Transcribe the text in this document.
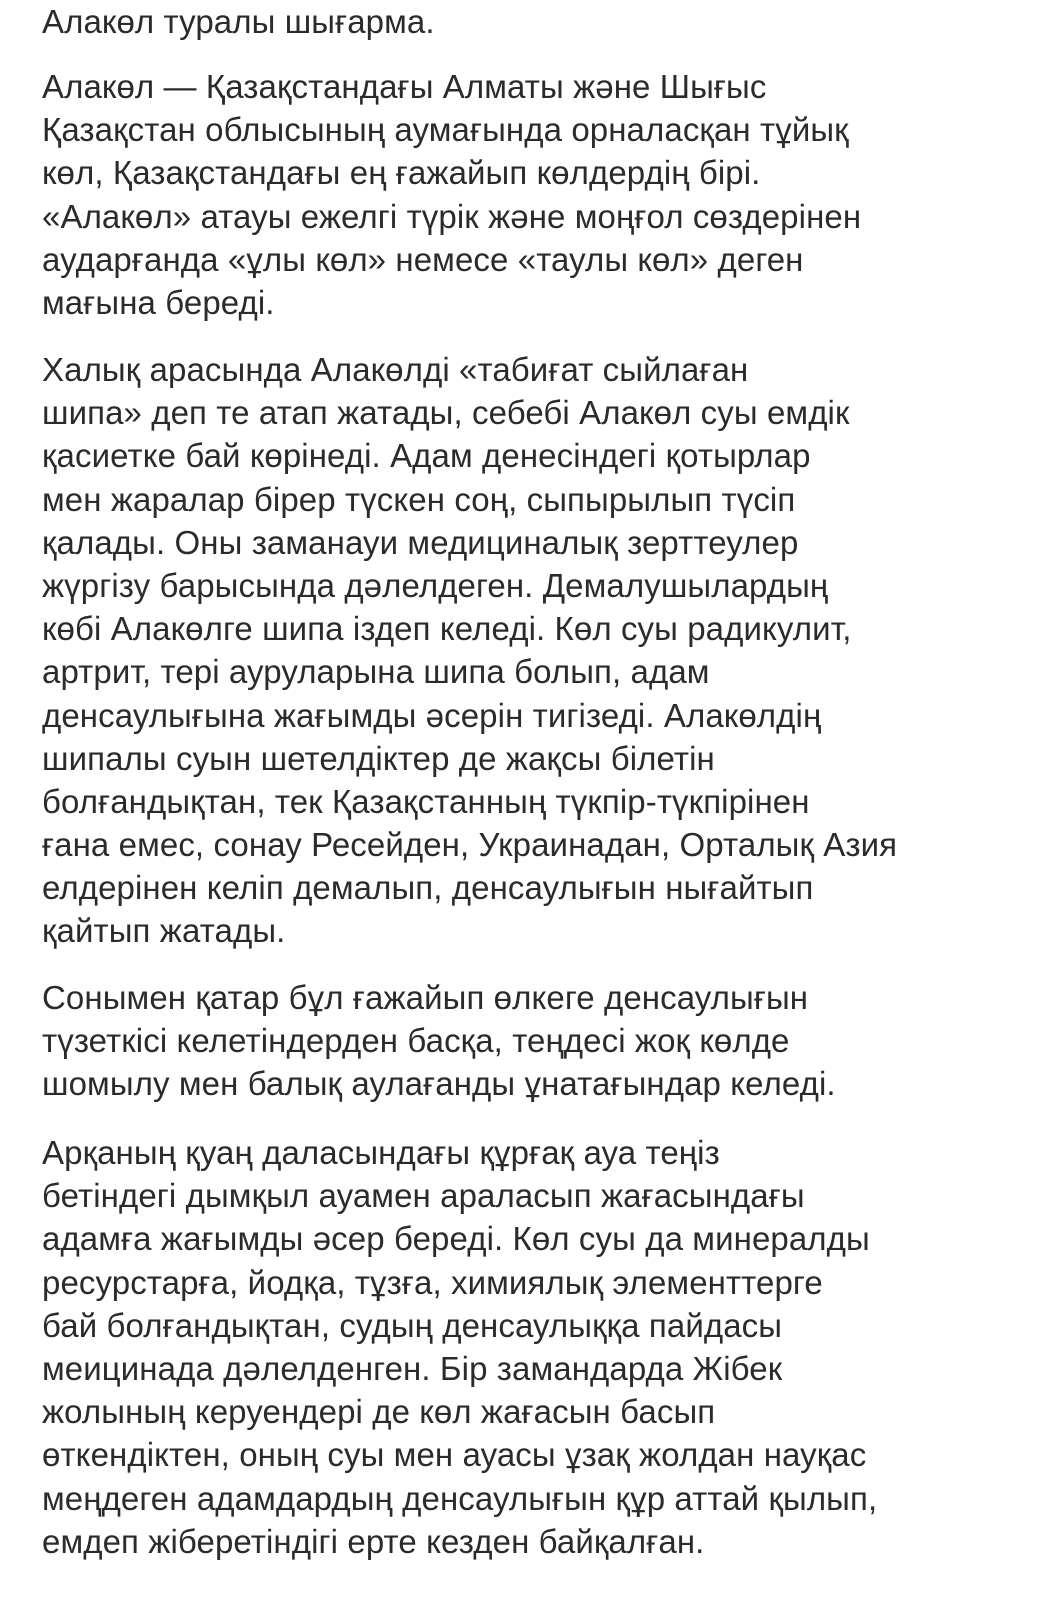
Алакөл туралы шығарма.
Алакөл — Қазақстандағы Алматы және Шығыс
Қазақстан облысының аумағында орналасқан тұйық
көл, Қазақстандағы ең ғажайып көлдердің бірі.
«Алакөл» атауы ежелгі түрік және моңғол сөздерінен
аударғанда «ұлы көл» немесе «таулы көл» деген
мағына береді.
Халық арасында Алакөлді «табиғат сыйлаған
шипа» деп те атап жатады, себебі Алакөл суы емдік
қасиетке бай көрінеді. Адам денесіндегі қотырлар
мен жаралар бірер түскен соң, сыпырылып түсіп
қалады. Оны заманауи медициналық зерттеулер
жүргізу барысында дәлелдеген. Демалушылардың
көбі Алакөлге шипа іздеп келеді. Көл суы радикулит,
артрит, тері ауруларына шипа болып, адам
денсаулығына жағымды әсерін тигізеді. Алакөлдің
шипалы суын шетелдіктер де жақсы білетін
болғандықтан, тек Қазақстанның түкпір-түкпірінен
ғана емес, сонау Ресейден, Украинадан, Орталық Азия
елдерінен келіп демалып, денсаулығын нығайтып
қайтып жатады.
Сонымен қатар бұл ғажайып өлкеге денсаулығын
түзеткісі келетіндерден басқа, теңдесі жоқ көлде
шомылу мен балық аулағанды ұнатағындар келеді.
Арқаның қуаң даласындағы құрғақ ауа теңіз
бетіндегі дымқыл ауамен араласып жағасындағы
адамға жағымды әсер береді. Көл суы да минералды
ресурстарға, йодқа, тұзға, химиялық элементтерге
бай болғандықтан, судың денсаулыққа пайдасы
меицинада дәлелденген. Бір замандарда Жібек
жолының керуендері де көл жағасын басып
өткендіктен, оның суы мен ауасы ұзақ жолдан науқас
меңдеген адамдардың денсаулығын құр аттай қылып,
емдеп жіберетіндігі ерте кезден байқалған.
